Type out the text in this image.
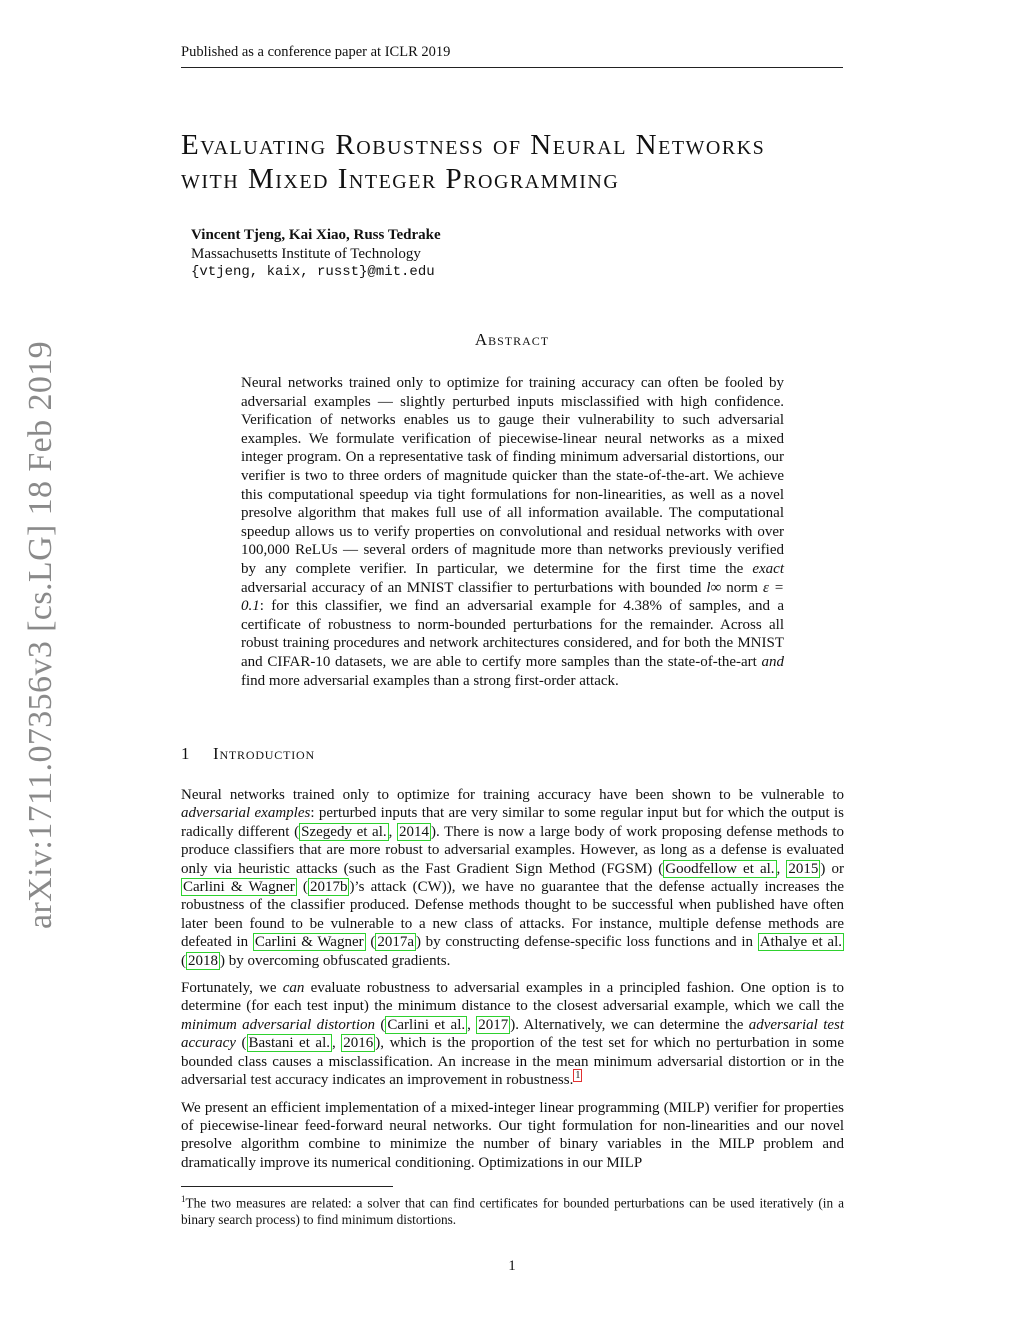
Published as a conference paper at ICLR 2019
arXiv:1711.07356v3 [cs.LG] 18 Feb 2019
Evaluating Robustness of Neural Networks
with Mixed Integer Programming
Vincent Tjeng, Kai Xiao, Russ Tedrake
Massachusetts Institute of Technology
{vtjeng, kaix, russt}@mit.edu
Abstract
Neural networks trained only to optimize for training accuracy can often be fooled by adversarial examples — slightly perturbed inputs misclassified with high confidence. Verification of networks enables us to gauge their vulnerability to such adversarial examples. We formulate verification of piecewise-linear neural networks as a mixed integer program. On a representative task of finding minimum adversarial distortions, our verifier is two to three orders of magnitude quicker than the state-of-the-art. We achieve this computational speedup via tight formulations for non-linearities, as well as a novel presolve algorithm that makes full use of all information available. The computational speedup allows us to verify properties on convolutional and residual networks with over 100,000 ReLUs — several orders of magnitude more than networks previously verified by any complete verifier. In particular, we determine for the first time the exact adversarial accuracy of an MNIST classifier to perturbations with bounded l∞ norm ε = 0.1: for this classifier, we find an adversarial example for 4.38% of samples, and a certificate of robustness to norm-bounded perturbations for the remainder. Across all robust training procedures and network architectures considered, and for both the MNIST and CIFAR-10 datasets, we are able to certify more samples than the state-of-the-art and find more adversarial examples than a strong first-order attack.
1 Introduction

Neural networks trained only to optimize for training accuracy have been shown to be vulnerable to adversarial examples: perturbed inputs that are very similar to some regular input but for which the output is radically different ( Szegedy et al. , 2014 ). There is now a large body of work proposing defense methods to produce classifiers that are more robust to adversarial examples. However, as long as a defense is evaluated only via heuristic attacks (such as the Fast Gradient Sign Method (FGSM) ( Goodfellow et al. , 2015 ) or Carlini & Wagner ( 2017b )’s attack (CW)), we have no guarantee that the defense actually increases the robustness of the classifier produced. Defense methods thought to be successful when published have often later been found to be vulnerable to a new class of attacks. For instance, multiple defense methods are defeated in Carlini & Wagner ( 2017a ) by constructing defense-specific loss functions and in Athalye et al. ( 2018 ) by overcoming obfuscated gradients.

Fortunately, we can evaluate robustness to adversarial examples in a principled fashion. One option is to determine (for each test input) the minimum distance to the closest adversarial example, which we call the minimum adversarial distortion ( Carlini et al. , 2017 ). Alternatively, we can determine the adversarial test accuracy ( Bastani et al. , 2016 ), which is the proportion of the test set for which no perturbation in some bounded class causes a misclassification. An increase in the mean minimum adversarial distortion or in the adversarial test accuracy indicates an improvement in robustness. $^1$

We present an efficient implementation of a mixed-integer linear programming (MILP) verifier for properties of piecewise-linear feed-forward neural networks. Our tight formulation for non-linearities and our novel presolve algorithm combine to minimize the number of binary variables in the MILP problem and dramatically improve its numerical conditioning. Optimizations in our MILP

$^1$The two measures are related: a solver that can find certificates for bounded perturbations can be used iteratively (in a binary search process) to find minimum distortions.
1
